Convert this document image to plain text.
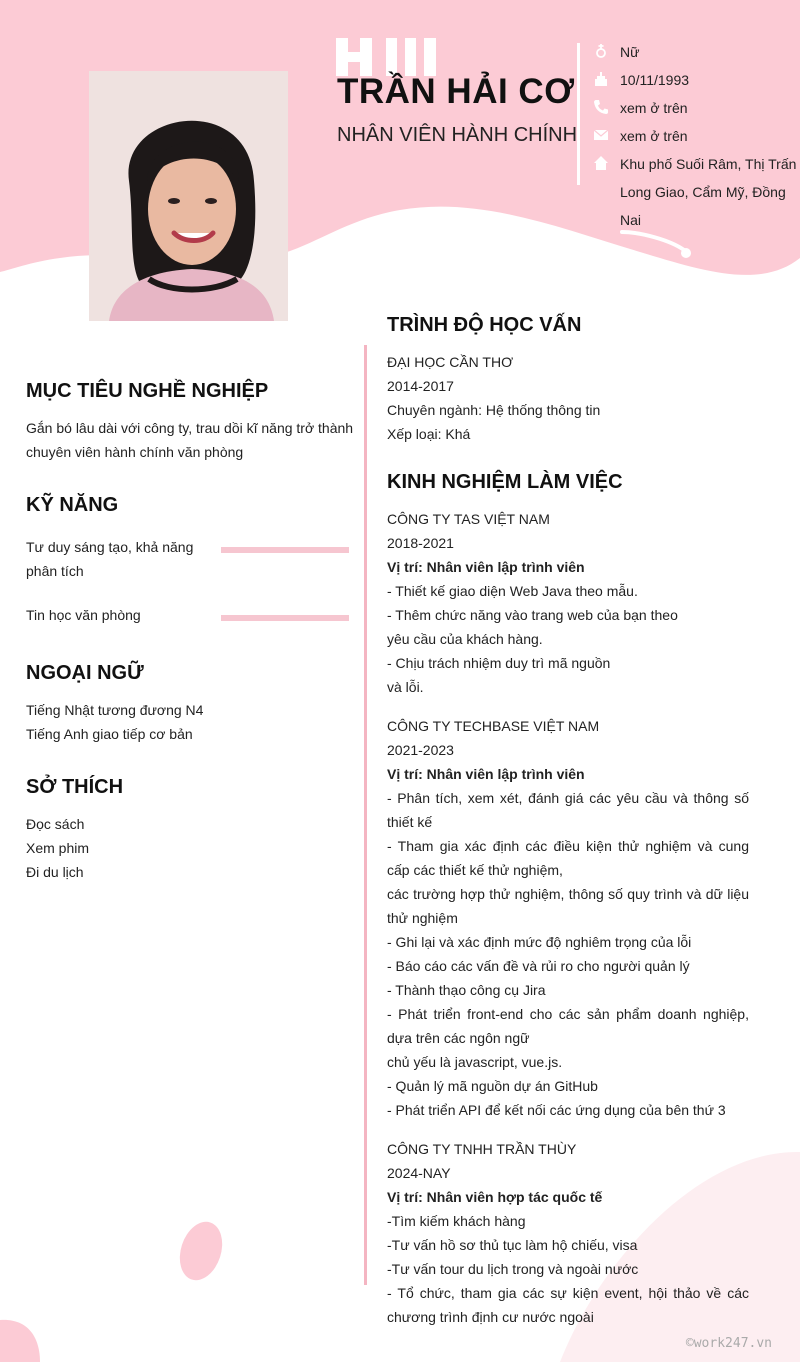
TRẦN HẢI CƠ
NHÂN VIÊN HÀNH CHÍNH
Nữ
10/11/1993
xem ở trên
xem ở trên
Khu phố Suối Râm, Thị Trấn Long Giao, Cẩm Mỹ, Đồng Nai
MỤC TIÊU NGHỀ NGHIỆP
Gắn bó lâu dài với công ty, trau dồi kĩ năng trở thành chuyên viên hành chính văn phòng
KỸ NĂNG
Tư duy sáng tạo, khả năng phân tích
Tin học văn phòng
NGOẠI NGỮ
Tiếng Nhật tương đương N4
Tiếng Anh giao tiếp cơ bản
SỞ THÍCH
Đọc sách
Xem phim
Đi du lịch
TRÌNH ĐỘ HỌC VẤN
ĐẠI HỌC CẦN THƠ
2014-2017
Chuyên ngành: Hệ thống thông tin
Xếp loại: Khá
KINH NGHIỆM LÀM VIỆC

CÔNG TY TAS VIỆT NAM

2018-2021

Vị trí: Nhân viên lập trình viên

- Thiết kế giao diện Web Java theo mẫu.

- Thêm chức năng vào trang web của bạn theo

yêu cầu của khách hàng.

- Chịu trách nhiệm duy trì mã nguồn

và lỗi.

CÔNG TY TECHBASE VIỆT NAM

2021-2023

Vị trí: Nhân viên lập trình viên

- Phân tích, xem xét, đánh giá các yêu cầu và thông số thiết kế

- Tham gia xác định các điều kiện thử nghiệm và cung cấp các thiết kế thử nghiệm,

các trường hợp thử nghiệm, thông số quy trình và dữ liệu thử nghiệm

- Ghi lại và xác định mức độ nghiêm trọng của lỗi

- Báo cáo các vấn đề và rủi ro cho người quản lý

- Thành thạo công cụ Jira

- Phát triển front-end cho các sản phẩm doanh nghiệp, dựa trên các ngôn ngữ

chủ yếu là javascript, vue.js.

- Quản lý mã nguồn dự án GitHub

- Phát triển API để kết nối các ứng dụng của bên thứ 3

CÔNG TY TNHH TRẦN THÙY

2024-NAY

Vị trí: Nhân viên hợp tác quốc tế

-Tìm kiếm khách hàng

-Tư vấn hồ sơ thủ tục làm hộ chiếu, visa

-Tư vấn tour du lịch trong và ngoài nước

- Tổ chức, tham gia các sự kiện event, hội thảo về các chương trình định cư nước ngoài

©work247.vn
